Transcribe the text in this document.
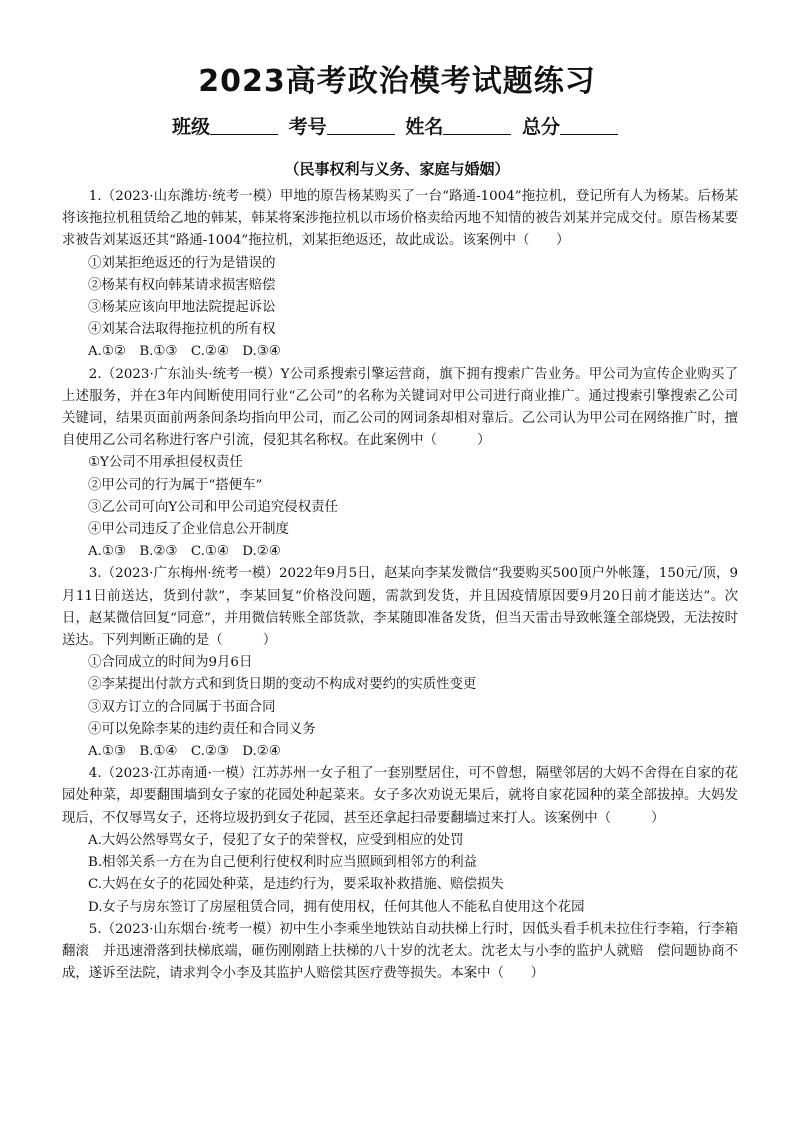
2023高考政治模考试题练习
班级	考号	姓名	总分
（民事权利与义务、家庭与婚姻）

1.（2023·山东潍坊·统考一模）甲地的原告杨某购买了一台“路通-1004”拖拉机，登记所有人为杨某。后杨某将该拖拉机租赁给乙地的韩某，韩某将案涉拖拉机以市场价格卖给丙地不知情的被告刘某并完成交付。原告杨某要求被告刘某返还其“路通-1004”拖拉机，刘某拒绝返还，故此成讼。该案例中（　　）

①刘某拒绝返还的行为是错误的

②杨某有权向韩某请求损害赔偿

③杨某应该向甲地法院提起诉讼

④刘某合法取得拖拉机的所有权

A.①②　B.①③　C.②④　D.③④

2.（2023·广东汕头·统考一模）Y公司系搜索引擎运营商，旗下拥有搜索广告业务。甲公司为宣传企业购买了上述服务，并在3年内间断使用同行业“乙公司”的名称为关键词对甲公司进行商业推广。通过搜索引擎搜索乙公司关键词，结果页面前两条间条均指向甲公司，而乙公司的网词条却相对靠后。乙公司认为甲公司在网络推广时，擅自使用乙公司名称进行客户引流，侵犯其名称权。在此案例中（　　　）

①Y公司不用承担侵权责任

②甲公司的行为属于“搭便车”

③乙公司可向Y公司和甲公司追究侵权责任

④甲公司违反了企业信息公开制度

A.①③　B.②③　C.①④　D.②④

3.（2023·广东梅州·统考一模）2022年9月5日，赵某向李某发微信“我要购买500顶户外帐篷，150元/顶，9月11日前送达，货到付款”，李某回复“价格没问题，需款到发货，并且因疫情原因要9月20日前才能送达”。次日，赵某微信回复“同意”，并用微信转账全部货款，李某随即准备发货，但当天雷击导致帐篷全部烧毁，无法按时送达。下列判断正确的是（　　　）

①合同成立的时间为9月6日

②李某提出付款方式和到货日期的变动不构成对要约的实质性变更

③双方订立的合同属于书面合同

④可以免除李某的违约责任和合同义务

A.①③　B.①④　C.②③　D.②④

4.（2023·江苏南通·一模）江苏苏州一女子租了一套别墅居住，可不曾想，隔壁邻居的大妈不舍得在自家的花园处种菜，却要翻围墙到女子家的花园处种起菜来。女子多次劝说无果后，就将自家花园种的菜全部拔掉。大妈发现后，不仅辱骂女子，还将垃圾扔到女子花园，甚至还拿起扫帚要翻墙过来打人。该案例中（　　　）

A.大妈公然辱骂女子，侵犯了女子的荣誉权，应受到相应的处罚

B.相邻关系一方在为自己便利行使权利时应当照顾到相邻方的利益

C.大妈在女子的花园处种菜，是违约行为，要采取补救措施、赔偿损失

D.女子与房东签订了房屋租赁合同，拥有使用权，任何其他人不能私自使用这个花园

5.（2023·山东烟台·统考一模）初中生小李乘坐地铁站自动扶梯上行时，因低头看手机未拉住行李箱，行李箱翻滚　并迅速滑落到扶梯底端，砸伤刚刚踏上扶梯的八十岁的沈老太。沈老太与小李的监护人就赔　偿问题协商不成，遂诉至法院，请求判令小李及其监护人赔偿其医疗费等损失。本案中（　　）
